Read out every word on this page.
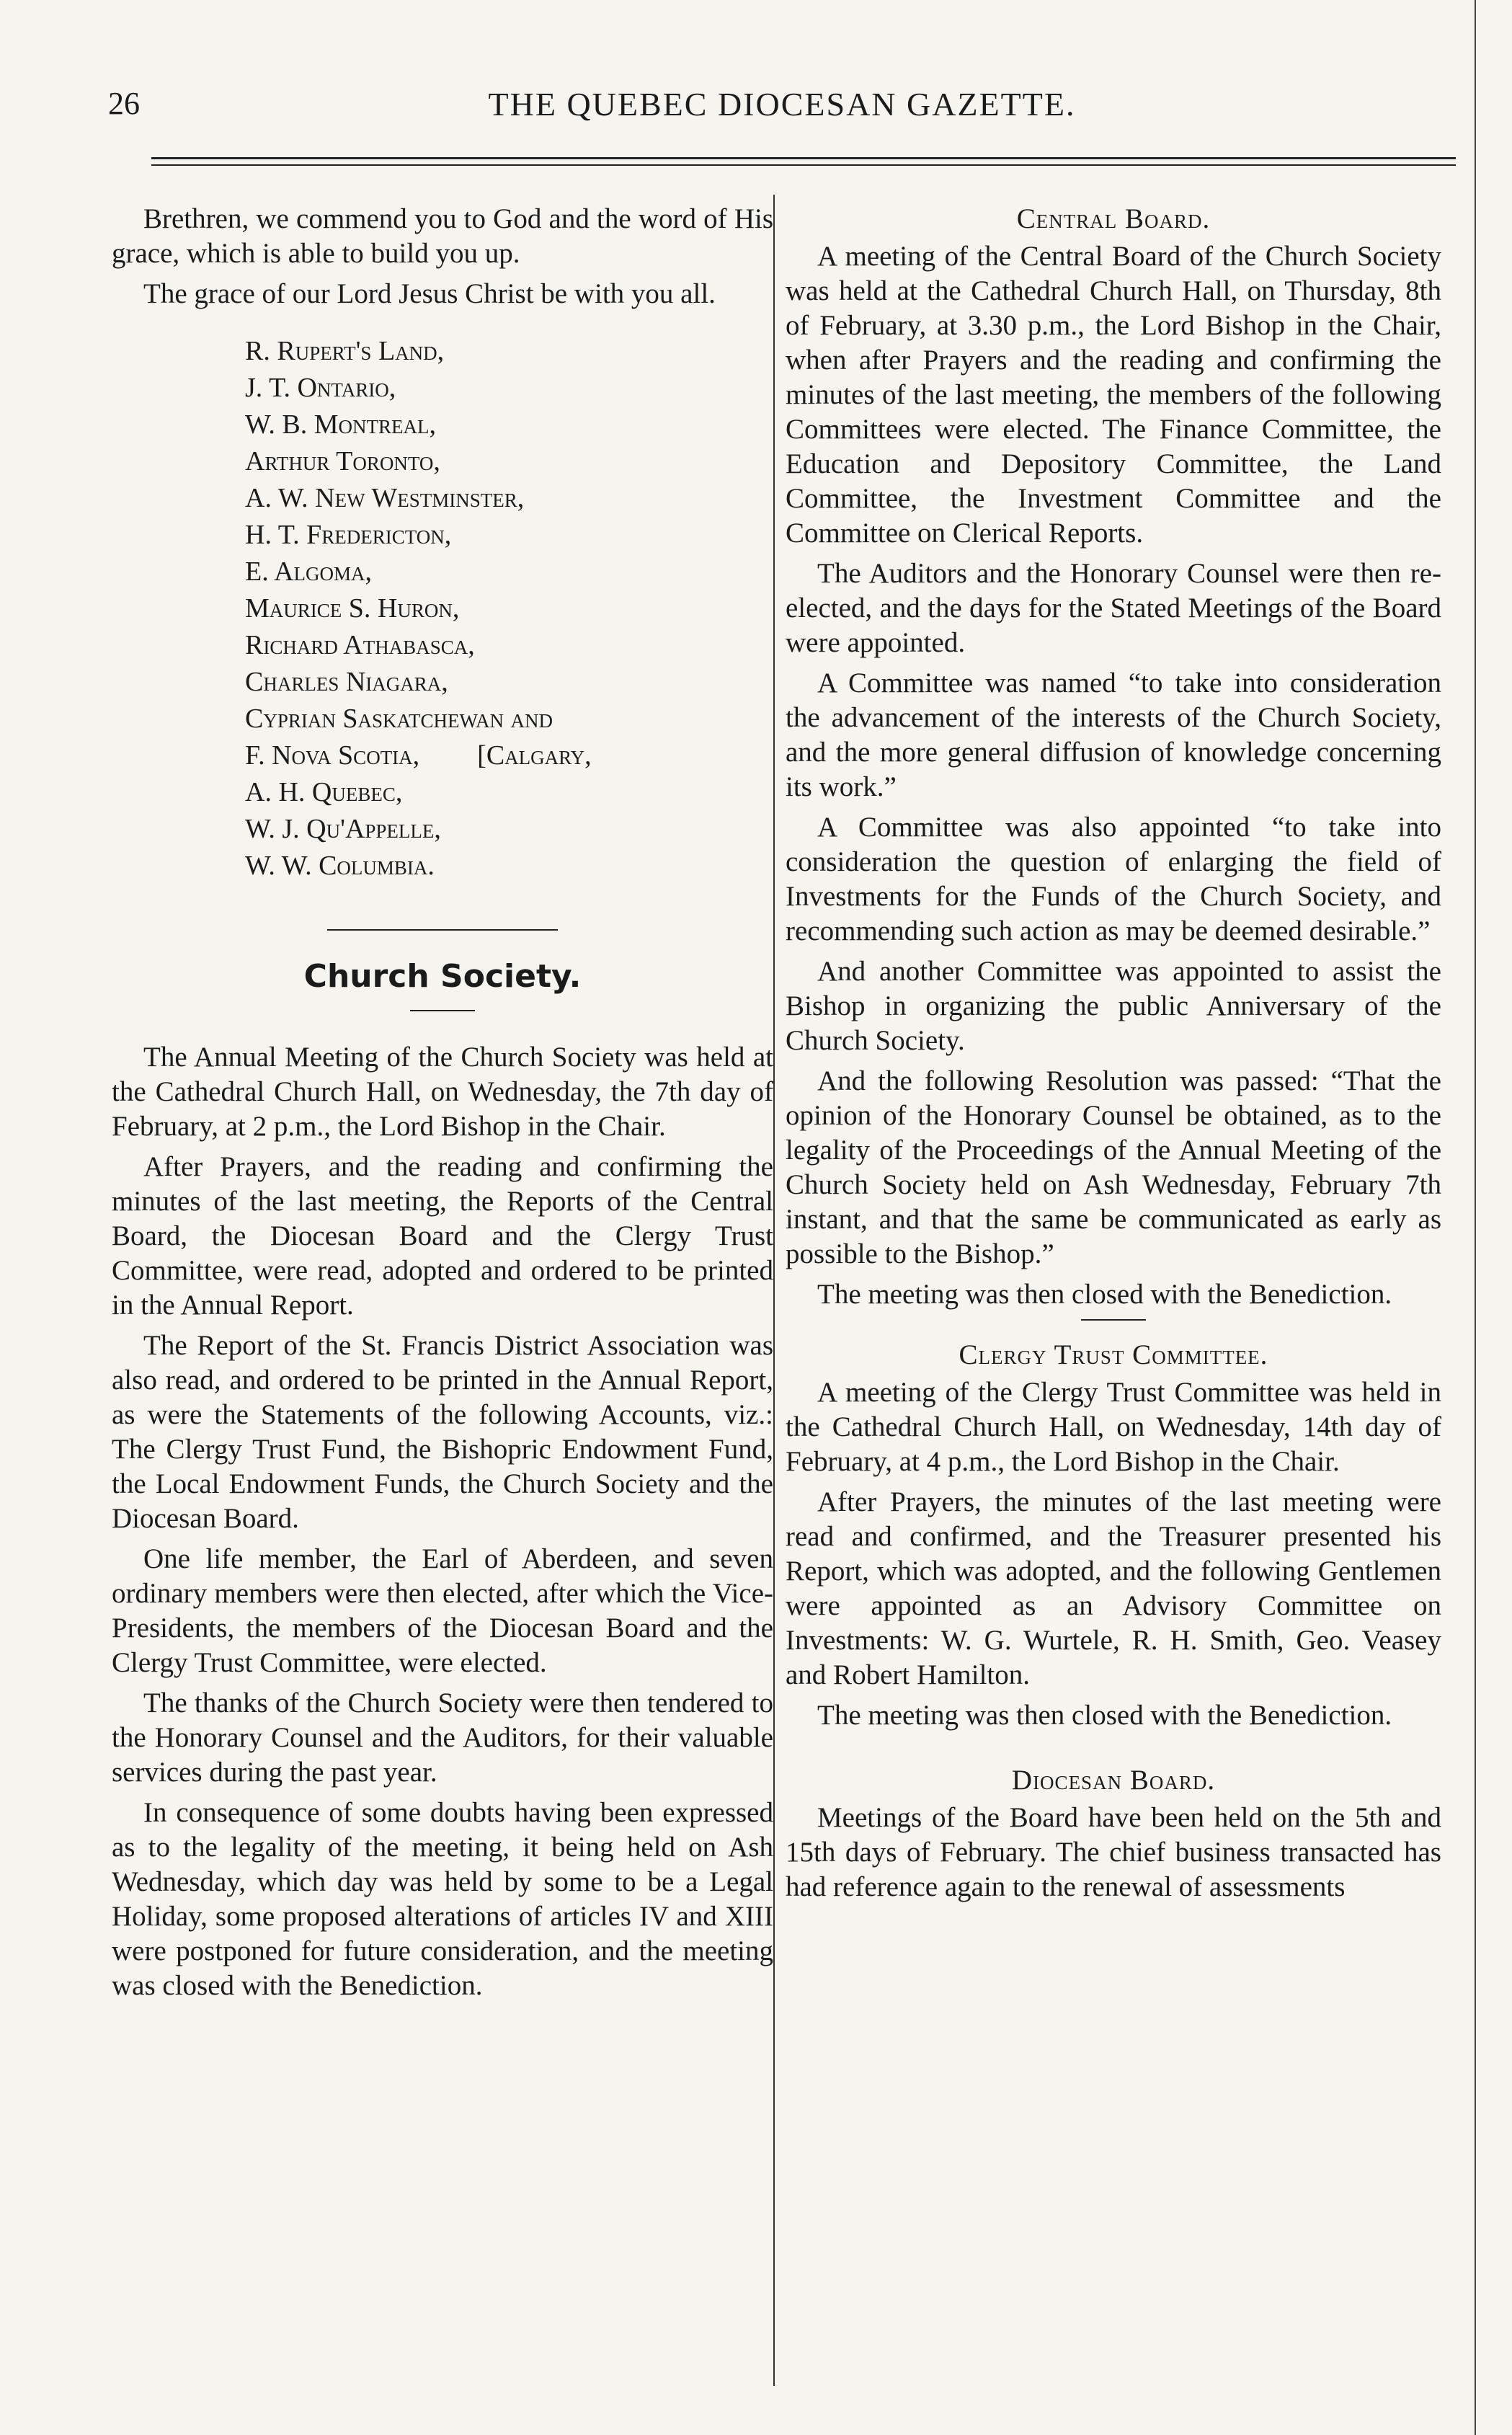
26	THE QUEBEC DIOCESAN GAZETTE.

Brethren, we commend you to God and the word of His grace, which is able to build you up.

The grace of our Lord Jesus Christ be with you all.

R. Rupert's Land,
J. T. Ontario,
W. B. Montreal,
Arthur Toronto,
A. W. New Westminster,
H. T. Fredericton,
E. Algoma,
Maurice S. Huron,
Richard Athabasca,
Charles Niagara,
Cyprian Saskatchewan and
F. Nova Scotia, [Calgary,
A. H. Quebec,
W. J. Qu'Appelle,
W. W. Columbia.
Church Society.

The Annual Meeting of the Church Society was held at the Cathedral Church Hall, on Wednesday, the 7th day of February, at 2 p.m., the Lord Bishop in the Chair.

After Prayers, and the reading and confirming the minutes of the last meeting, the Reports of the Central Board, the Diocesan Board and the Clergy Trust Committee, were read, adopted and ordered to be printed in the Annual Report.

The Report of the St. Francis District Association was also read, and ordered to be printed in the Annual Report, as were the Statements of the following Accounts, viz.: The Clergy Trust Fund, the Bishopric Endowment Fund, the Local Endowment Funds, the Church Society and the Diocesan Board.

One life member, the Earl of Aberdeen, and seven ordinary members were then elected, after which the Vice-Presidents, the members of the Diocesan Board and the Clergy Trust Committee, were elected.

The thanks of the Church Society were then tendered to the Honorary Counsel and the Auditors, for their valuable services during the past year.

In consequence of some doubts having been expressed as to the legality of the meeting, it being held on Ash Wednesday, which day was held by some to be a Legal Holiday, some proposed alterations of articles IV and XIII were postponed for future consideration, and the meeting was closed with the Benediction.

Central Board.

A meeting of the Central Board of the Church Society was held at the Cathedral Church Hall, on Thursday, 8th of February, at 3.30 p.m., the Lord Bishop in the Chair, when after Prayers and the reading and confirming the minutes of the last meeting, the members of the following Committees were elected. The Finance Committee, the Education and Depository Committee, the Land Committee, the Investment Committee and the Committee on Clerical Reports.

The Auditors and the Honorary Counsel were then re-elected, and the days for the Stated Meetings of the Board were appointed.

A Committee was named “to take into consideration the advancement of the interests of the Church Society, and the more general diffusion of knowledge concerning its work.”

A Committee was also appointed “to take into consideration the question of enlarging the field of Investments for the Funds of the Church Society, and recommending such action as may be deemed desirable.”

And another Committee was appointed to assist the Bishop in organizing the public Anniversary of the Church Society.

And the following Resolution was passed: “That the opinion of the Honorary Counsel be obtained, as to the legality of the Proceedings of the Annual Meeting of the Church Society held on Ash Wednesday, February 7th instant, and that the same be communicated as early as possible to the Bishop.”

The meeting was then closed with the Benediction.

Clergy Trust Committee.

A meeting of the Clergy Trust Committee was held in the Cathedral Church Hall, on Wednesday, 14th day of February, at 4 p.m., the Lord Bishop in the Chair.

After Prayers, the minutes of the last meeting were read and confirmed, and the Treasurer presented his Report, which was adopted, and the following Gentlemen were appointed as an Advisory Committee on Investments: W. G. Wurtele, R. H. Smith, Geo. Veasey and Robert Hamilton.

The meeting was then closed with the Benediction.

Diocesan Board.

Meetings of the Board have been held on the 5th and 15th days of February. The chief business transacted has had reference again to the renewal of assessments
